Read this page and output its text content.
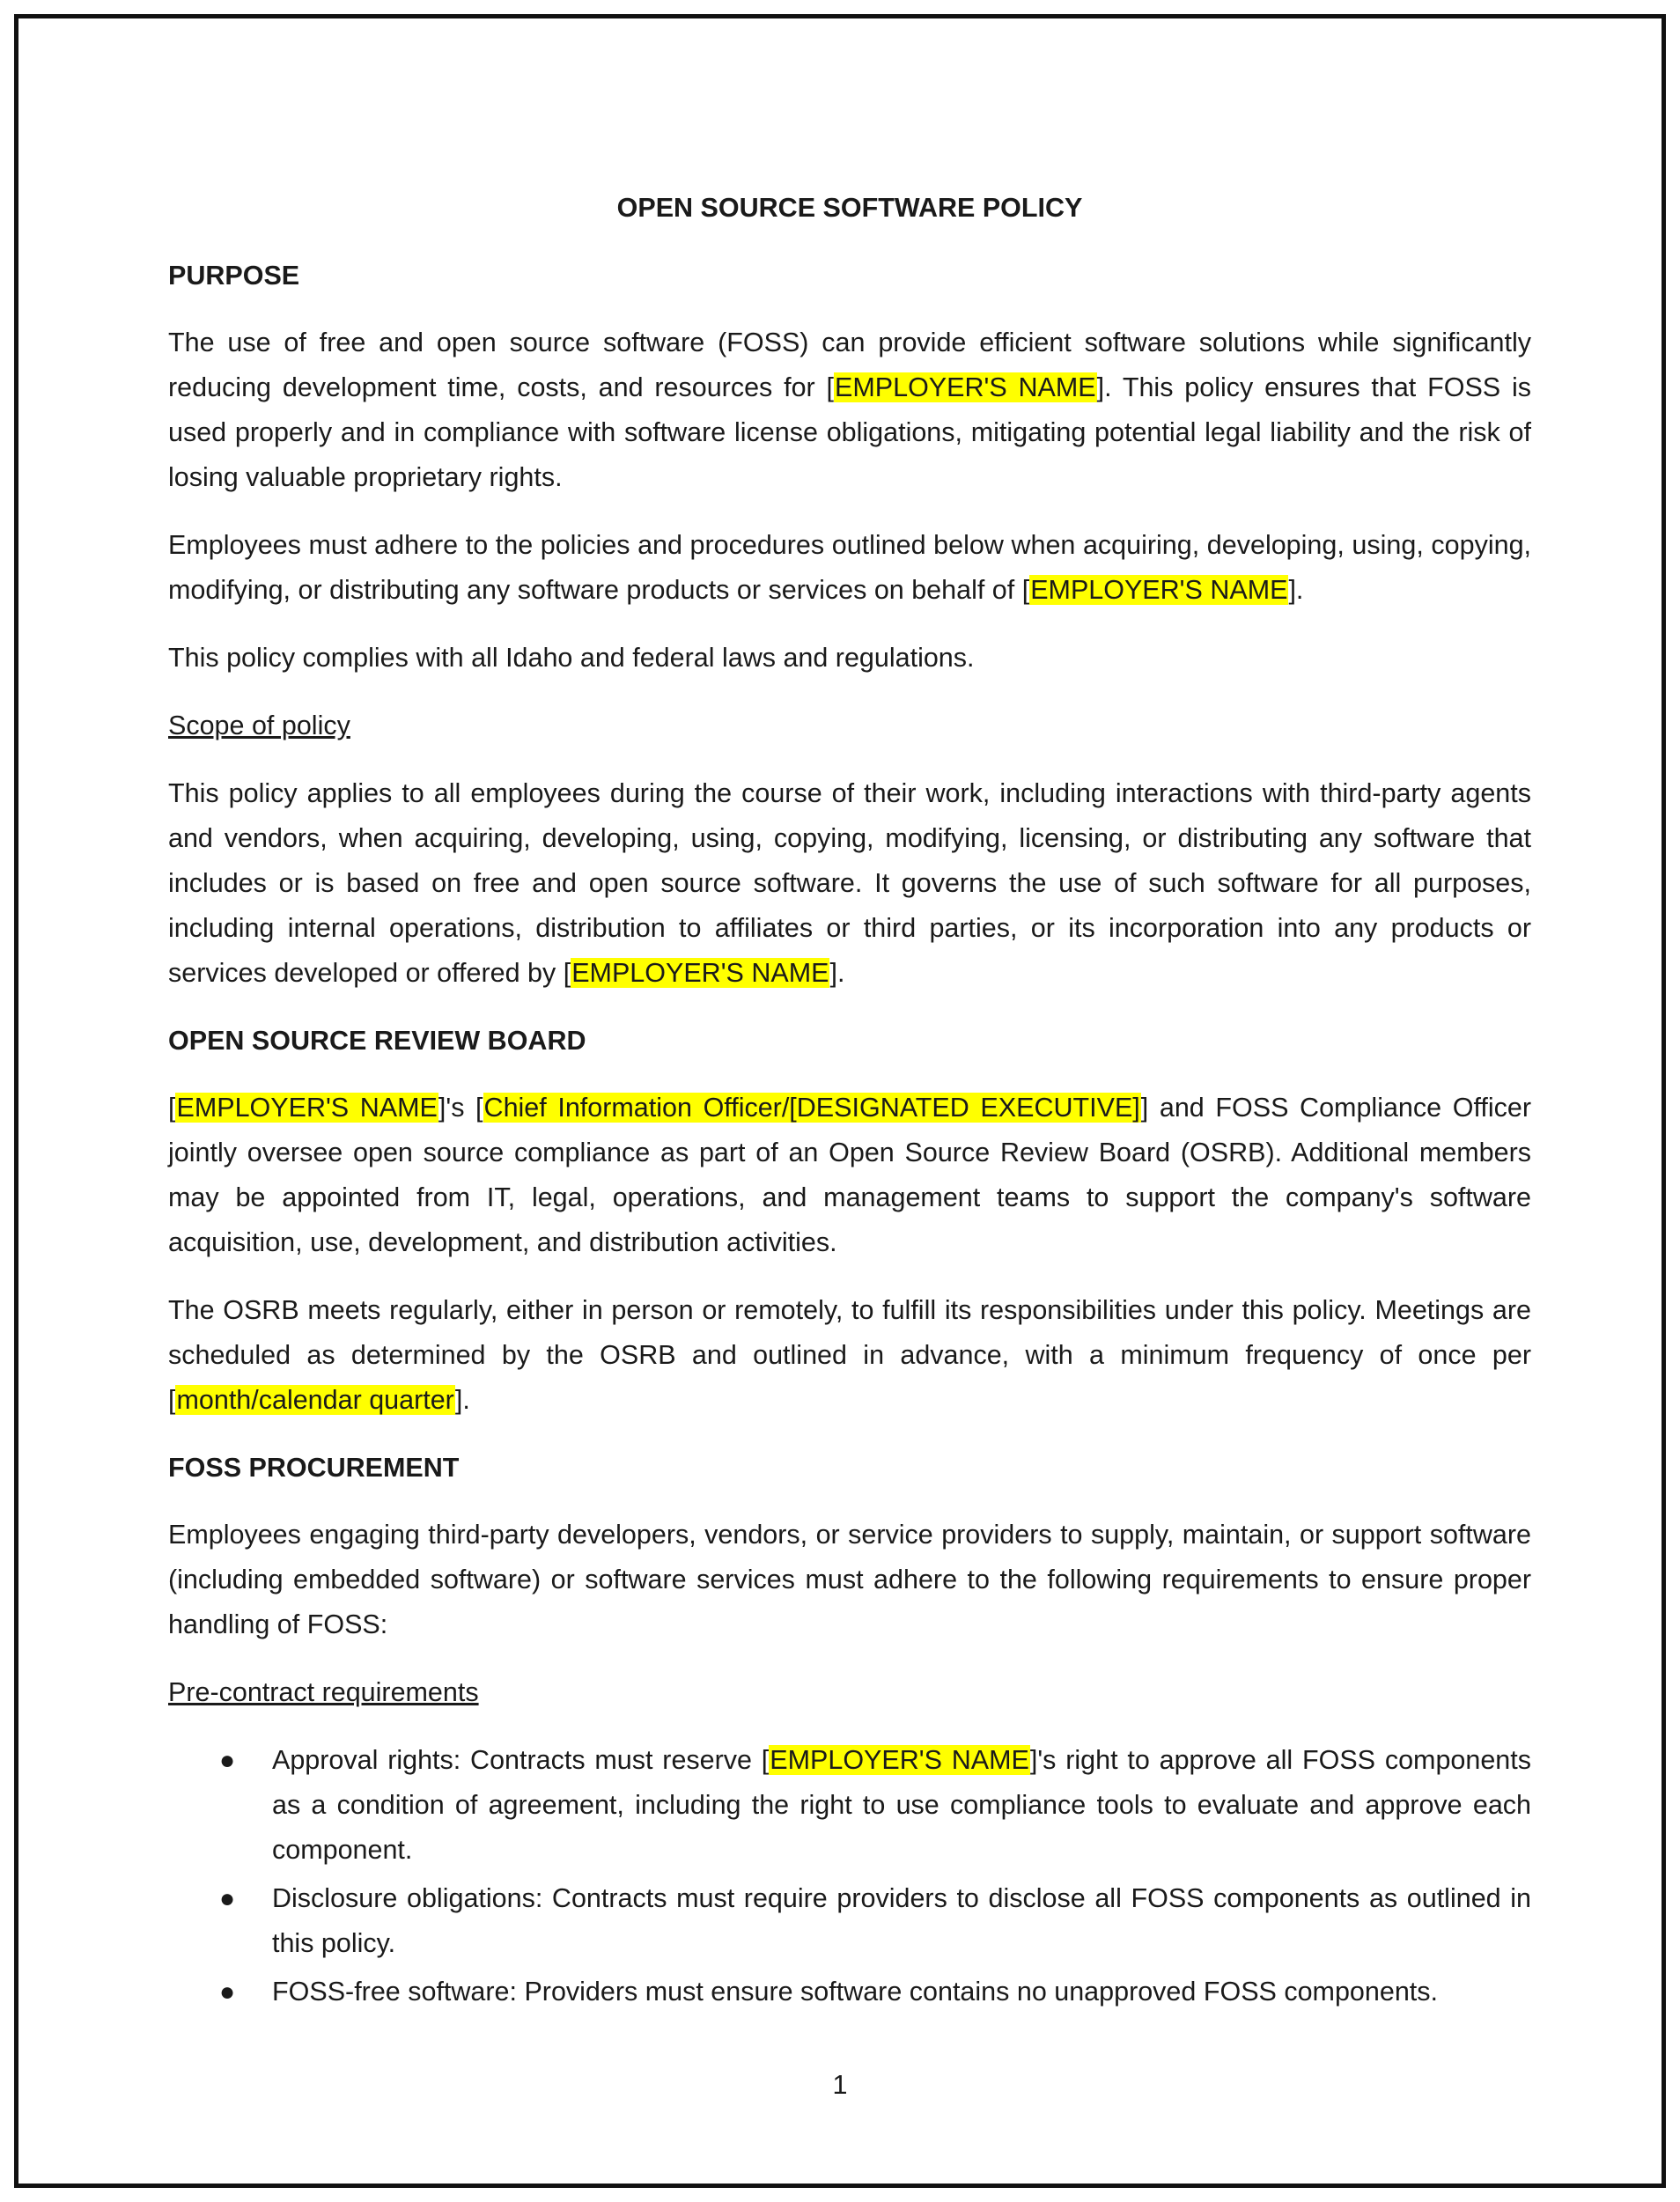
OPEN SOURCE SOFTWARE POLICY
PURPOSE

The use of free and open source software (FOSS) can provide efficient software solutions while significantly reducing development time, costs, and resources for [EMPLOYER'S NAME]. This policy ensures that FOSS is used properly and in compliance with software license obligations, mitigating potential legal liability and the risk of losing valuable proprietary rights.

Employees must adhere to the policies and procedures outlined below when acquiring, developing, using, copying, modifying, or distributing any software products or services on behalf of [EMPLOYER'S NAME].

This policy complies with all Idaho and federal laws and regulations.

Scope of policy

This policy applies to all employees during the course of their work, including interactions with third-party agents and vendors, when acquiring, developing, using, copying, modifying, licensing, or distributing any software that includes or is based on free and open source software. It governs the use of such software for all purposes, including internal operations, distribution to affiliates or third parties, or its incorporation into any products or services developed or offered by [EMPLOYER'S NAME].

OPEN SOURCE REVIEW BOARD

[EMPLOYER'S NAME]'s [Chief Information Officer/[DESIGNATED EXECUTIVE]] and FOSS Compliance Officer jointly oversee open source compliance as part of an Open Source Review Board (OSRB). Additional members may be appointed from IT, legal, operations, and management teams to support the company's software acquisition, use, development, and distribution activities.

The OSRB meets regularly, either in person or remotely, to fulfill its responsibilities under this policy. Meetings are scheduled as determined by the OSRB and outlined in advance, with a minimum frequency of once per [month/calendar quarter].

FOSS PROCUREMENT

Employees engaging third-party developers, vendors, or service providers to supply, maintain, or support software (including embedded software) or software services must adhere to the following requirements to ensure proper handling of FOSS:

Pre-contract requirements
● Approval rights: Contracts must reserve [EMPLOYER'S NAME]'s right to approve all FOSS components as a condition of agreement, including the right to use compliance tools to evaluate and approve each component.
● Disclosure obligations: Contracts must require providers to disclose all FOSS components as outlined in this policy.
● FOSS-free software: Providers must ensure software contains no unapproved FOSS components.
1
